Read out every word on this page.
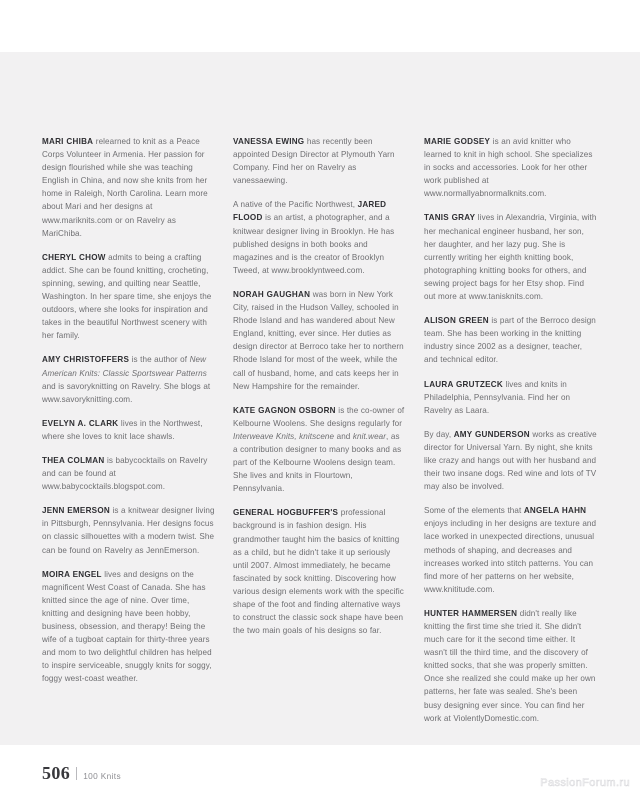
MARI CHIBA relearned to knit as a Peace Corps Volunteer in Armenia. Her passion for design flourished while she was teaching English in China, and now she knits from her home in Raleigh, North Carolina. Learn more about Mari and her designs at www.mariknits.com or on Ravelry as MariChiba.

CHERYL CHOW admits to being a crafting addict. She can be found knitting, crocheting, spinning, sewing, and quilting near Seattle, Washington. In her spare time, she enjoys the outdoors, where she looks for inspiration and takes in the beautiful Northwest scenery with her family.

AMY CHRISTOFFERS is the author of New American Knits: Classic Sportswear Patterns and is savoryknitting on Ravelry. She blogs at www.savoryknitting.com.

EVELYN A. CLARK lives in the Northwest, where she loves to knit lace shawls.

THEA COLMAN is babycocktails on Ravelry and can be found at www.babycocktails.blogspot.com.

JENN EMERSON is a knitwear designer living in Pittsburgh, Pennsylvania. Her designs focus on classic silhouettes with a modern twist. She can be found on Ravelry as JennEmerson.

MOIRA ENGEL lives and designs on the magnificent West Coast of Canada. She has knitted since the age of nine. Over time, knitting and designing have been hobby, business, obsession, and therapy! Being the wife of a tugboat captain for thirty-three years and mom to two delightful children has helped to inspire serviceable, snuggly knits for soggy, foggy west-coast weather.

VANESSA EWING has recently been appointed Design Director at Plymouth Yarn Company. Find her on Ravelry as vanessaewing.

A native of the Pacific Northwest, JARED FLOOD is an artist, a photographer, and a knitwear designer living in Brooklyn. He has published designs in both books and magazines and is the creator of Brooklyn Tweed, at www.brooklyntweed.com.

NORAH GAUGHAN was born in New York City, raised in the Hudson Valley, schooled in Rhode Island and has wandered about New England, knitting, ever since. Her duties as design director at Berroco take her to northern Rhode Island for most of the week, while the call of husband, home, and cats keeps her in New Hampshire for the remainder.

KATE GAGNON OSBORN is the co-owner of Kelbourne Woolens. She designs regularly for Interweave Knits, knitscene and knit.wear, as a contribution designer to many books and as part of the Kelbourne Woolens design team. She lives and knits in Flourtown, Pennsylvania.

GENERAL HOGBUFFER'S professional background is in fashion design. His grandmother taught him the basics of knitting as a child, but he didn't take it up seriously until 2007. Almost immediately, he became fascinated by sock knitting. Discovering how various design elements work with the specific shape of the foot and finding alternative ways to construct the classic sock shape have been the two main goals of his designs so far.

MARIE GODSEY is an avid knitter who learned to knit in high school. She specializes in socks and accessories. Look for her other work published at www.normallyabnormalknits.com.

TANIS GRAY lives in Alexandria, Virginia, with her mechanical engineer husband, her son, her daughter, and her lazy pug. She is currently writing her eighth knitting book, photographing knitting books for others, and sewing project bags for her Etsy shop. Find out more at www.tanisknits.com.

ALISON GREEN is part of the Berroco design team. She has been working in the knitting industry since 2002 as a designer, teacher, and technical editor.

LAURA GRUTZECK lives and knits in Philadelphia, Pennsylvania. Find her on Ravelry as Laara.

By day, AMY GUNDERSON works as creative director for Universal Yarn. By night, she knits like crazy and hangs out with her husband and their two insane dogs. Red wine and lots of TV may also be involved.

Some of the elements that ANGELA HAHN enjoys including in her designs are texture and lace worked in unexpected directions, unusual methods of shaping, and decreases and increases worked into stitch patterns. You can find more of her patterns on her website, www.knititude.com.

HUNTER HAMMERSEN didn't really like knitting the first time she tried it. She didn't much care for it the second time either. It wasn't till the third time, and the discovery of knitted socks, that she was properly smitten. Once she realized she could make up her own patterns, her fate was sealed. She's been busy designing ever since. You can find her work at ViolentlyDomestic.com.

506 100 Knits
PassionForum.ru
